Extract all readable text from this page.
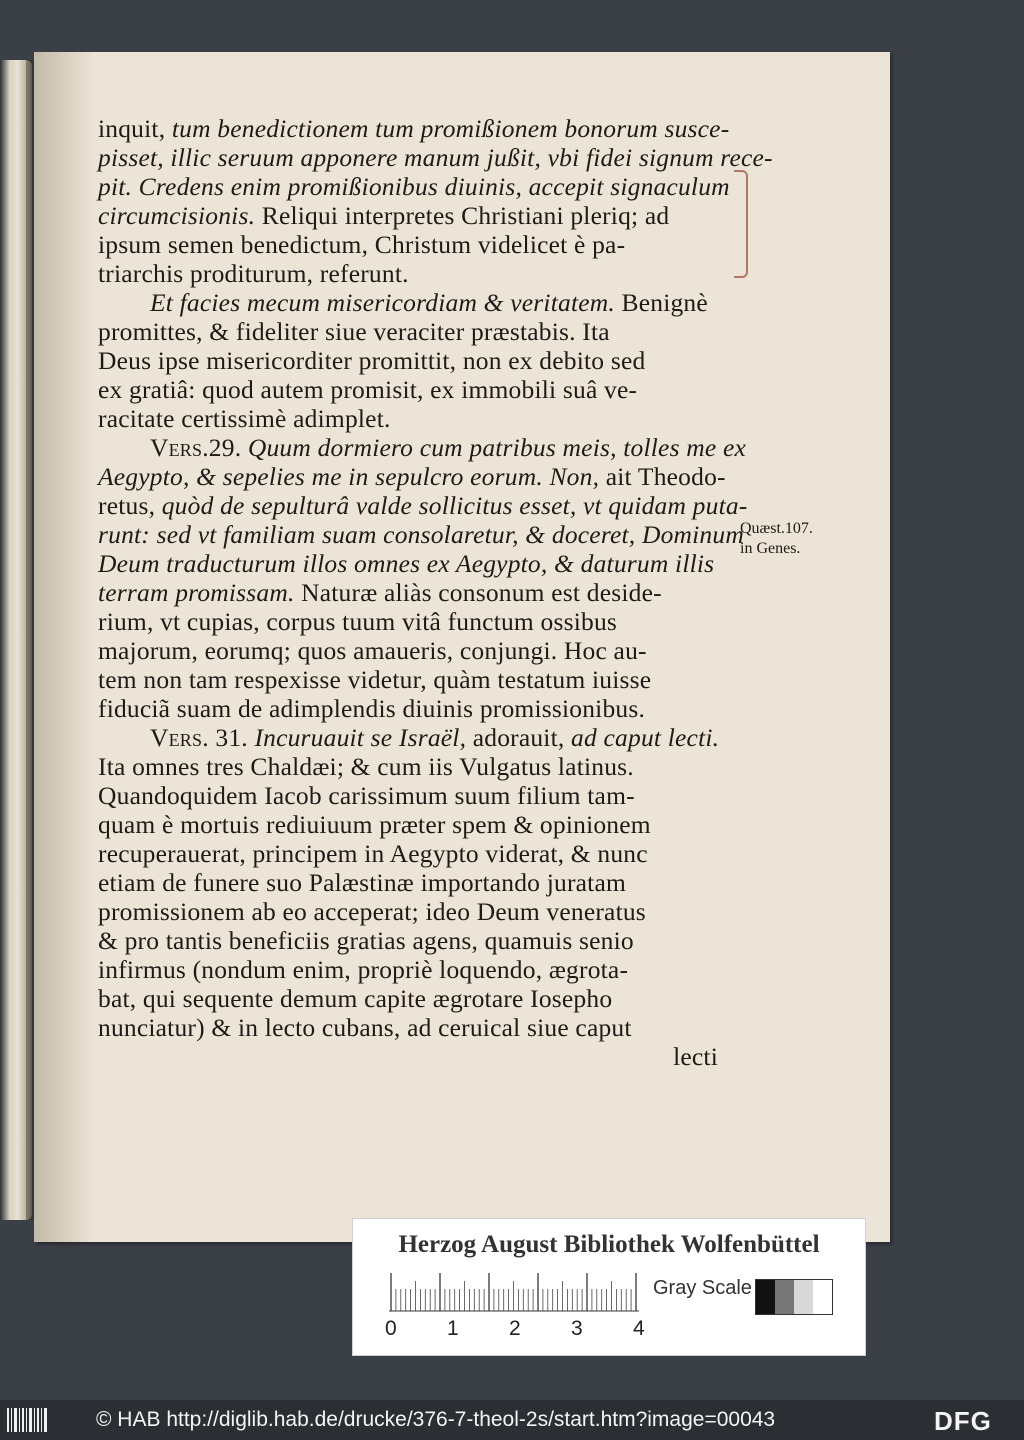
inquit, tum benedictionem tum promißionem bonorum susce-
pisset, illic seruum apponere manum jußit, vbi fidei signum rece-
pit. Credens enim promißionibus diuinis, accepit signaculum
circumcisionis. Reliqui interpretes Christiani pleriq; ad
ipsum semen benedictum, Christum videlicet è pa-
triarchis proditurum, referunt.
Et facies mecum misericordiam & veritatem. Benignè
promittes, & fideliter siue veraciter præstabis. Ita
Deus ipse misericorditer promittit, non ex debito sed
ex gratiâ: quod autem promisit, ex immobili suâ ve-
racitate certissimè adimplet.
Vers.29. Quum dormiero cum patribus meis, tolles me ex
Aegypto, & sepelies me in sepulcro eorum. Non, ait Theodo-
retus, quòd de sepulturâ valde sollicitus esset, vt quidam puta-
runt: sed vt familiam suam consolaretur, & doceret, Dominum
Deum traducturum illos omnes ex Aegypto, & daturum illis
terram promissam. Naturæ aliàs consonum est deside-
rium, vt cupias, corpus tuum vitâ functum ossibus
majorum, eorumq; quos amaueris, conjungi. Hoc au-
tem non tam respexisse videtur, quàm testatum iuisse
fiduciã suam de adimplendis diuinis promissionibus.
Vers. 31. Incuruauit se Israël, adorauit, ad caput lecti.
Ita omnes tres Chaldæi; & cum iis Vulgatus latinus.
Quandoquidem Iacob carissimum suum filium tam-
quam è mortuis rediuiuum præter spem & opinionem
recuperauerat, principem in Aegypto viderat, & nunc
etiam de funere suo Palæstinæ importando juratam
promissionem ab eo acceperat; ideo Deum veneratus
& pro tantis beneficiis gratias agens, quamuis senio
infirmus (nondum enim, propriè loquendo, ægrota-
bat, qui sequente demum capite ægrotare Iosepho
nunciatur) & in lecto cubans, ad ceruical siue caput
lecti
Quæst.107.
in Genes.
Herzog August Bibliothek Wolfenbüttel
0 1 2 3 4
Gray Scale
© HAB http://diglib.hab.de/drucke/376-7-theol-2s/start.htm?image=00043	DFG
